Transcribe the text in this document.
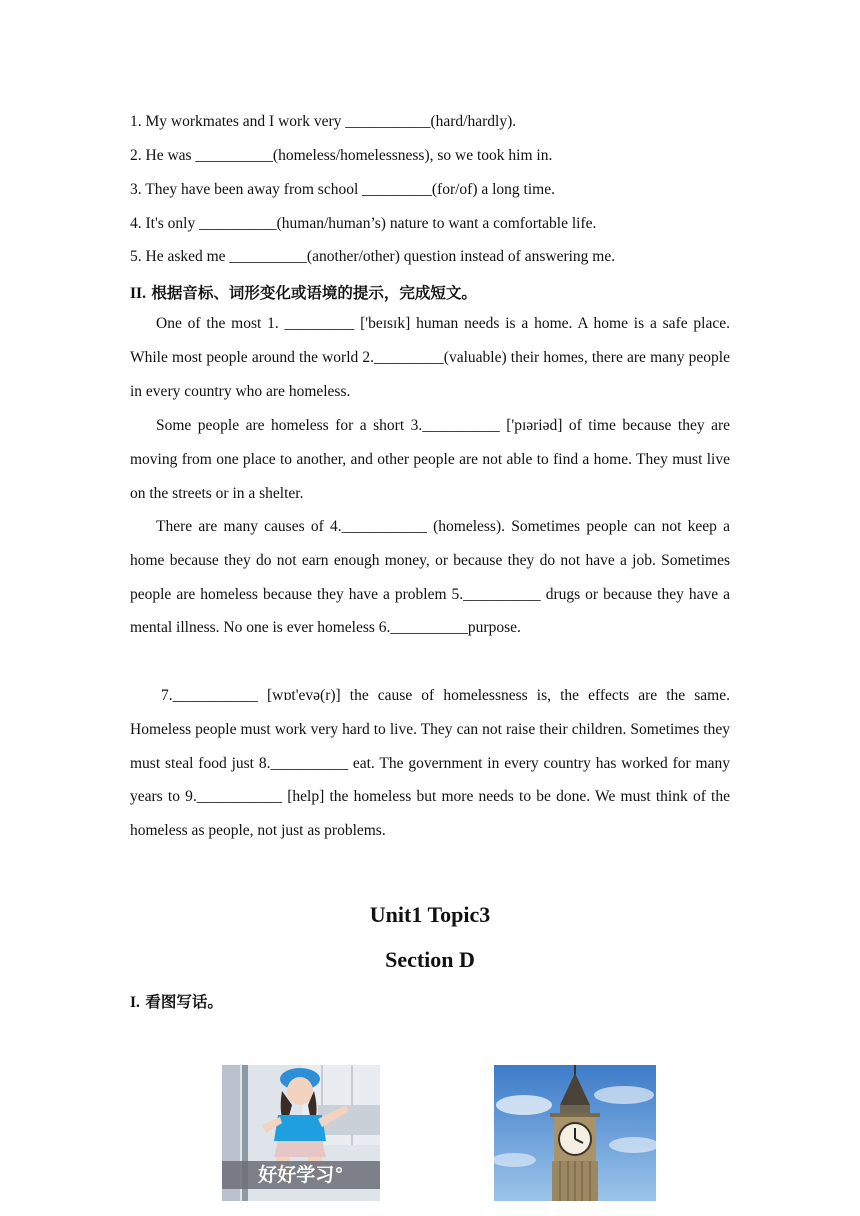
1. My workmates and I work very ___________(hard/hardly).
2. He was __________(homeless/homelessness), so we took him in.
3. They have been away from school _________(for/of) a long time.
4. It's only __________(human/human’s) nature to want a comfortable life.
5. He asked me __________(another/other) question instead of answering me.
II. 根据音标、词形变化或语境的提示，完成短文。
One of the most 1. _________ ['beɪsɪk] human needs is a home. A home is a safe place. While most people around the world 2._________(valuable) their homes, there are many people in every country who are homeless.
Some people are homeless for a short 3.__________ ['pɪəriəd] of time because they are moving from one place to another, and other people are not able to find a home. They must live on the streets or in a shelter.
There are many causes of 4.___________ (homeless). Sometimes people can not keep a home because they do not earn enough money, or because they do not have a job. Sometimes people are homeless because they have a problem 5.__________ drugs or because they have a mental illness. No one is ever homeless 6.__________purpose.
7.___________ [wɒt'evə(r)] the cause of homelessness is, the effects are the same. Homeless people must work very hard to live. They can not raise their children. Sometimes they must steal food just 8.__________ eat. The government in every country has worked for many years to 9.___________ [help] the homeless but more needs to be done. We must think of the homeless as people, not just as problems.
Unit1 Topic3
Section D
I. 看图写话。
好好学习°
